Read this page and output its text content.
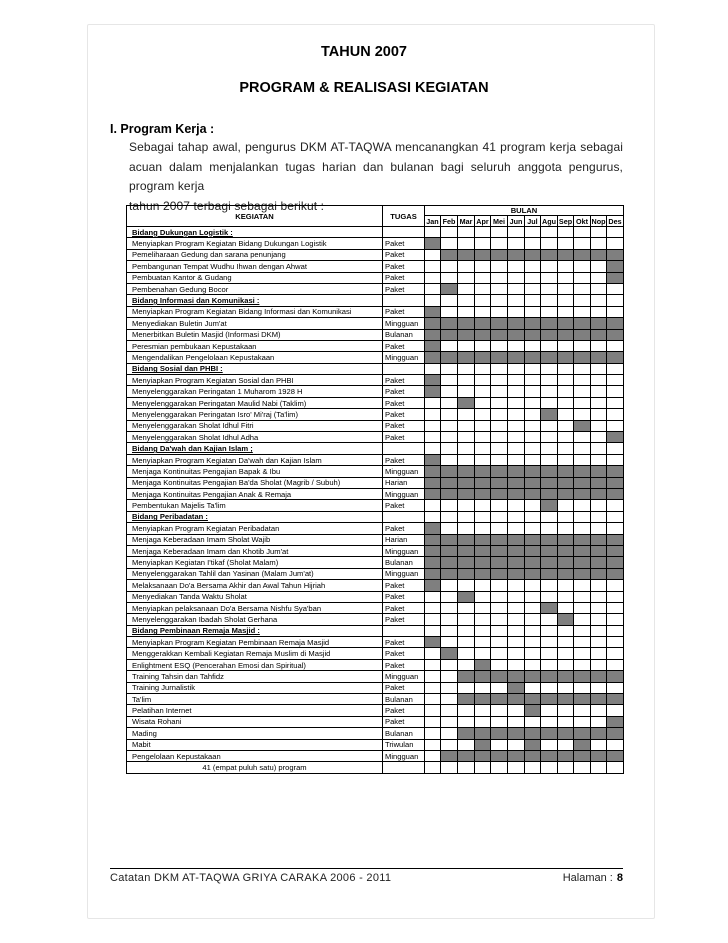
TAHUN 2007
PROGRAM & REALISASI KEGIATAN
I. Program Kerja :
Sebagai tahap awal, pengurus DKM AT-TAQWA mencanangkan 41 program kerja sebagai acuan dalam menjalankan tugas harian dan bulanan bagi seluruh anggota pengurus, program kerja
tahun 2007 terbagi sebagai berikut :
KEGIATAN	TUGAS	BULAN											
		Jan	Feb	Mar	Apr	Mei	Jun	Jul	Agu	Sep	Okt	Nop	Des
Bidang Dukungan Logistik :													
Menyiapkan Program Kegiatan Bidang Dukungan Logistik	Paket												
Pemeliharaan Gedung dan sarana penunjang	Paket												
Pembangunan Tempat Wudhu Ihwan dengan Ahwat	Paket												
Pembuatan Kantor & Gudang	Paket												
Pembenahan Gedung Bocor	Paket												
Bidang Informasi dan Komunikasi :													
Menyiapkan Program Kegiatan Bidang Informasi dan Komunikasi	Paket												
Menyediakan Buletin Jum'at	Mingguan												
Menerbitkan Buletin Masjid (Informasi DKM)	Bulanan												
Peresmian pembukaan Kepustakaan	Paket												
Mengendalikan Pengelolaan Kepustakaan	Mingguan												
Bidang Sosial dan PHBI :													
Menyiapkan Program Kegiatan Sosial dan PHBI	Paket												
Menyelenggarakan Peringatan 1 Muharom 1928 H	Paket												
Menyelenggarakan Peringatan Maulid Nabi (Taklim)	Paket												
Menyelenggarakan Peringatan Isro' Mi'raj (Ta'lim)	Paket												
Menyelenggarakan Sholat Idhul Fitri	Paket												
Menyelenggarakan Sholat Idhul Adha	Paket												
Bidang Da'wah dan Kajian Islam ;													
Menyiapkan Program Kegiatan Da'wah dan Kajian Islam	Paket												
Menjaga Kontinuitas Pengajian Bapak & Ibu	Mingguan												
Menjaga Kontinuitas Pengajian Ba'da Sholat (Magrib / Subuh)	Harian												
Menjaga Kontinuitas Pengajian Anak & Remaja	Mingguan												
Pembentukan Majelis Ta'lim	Paket												
Bidang Peribadatan :													
Menyiapkan Program Kegiatan Peribadatan	Paket												
Menjaga Keberadaan Imam Sholat Wajib	Harian												
Menjaga Keberadaan Imam dan Khotib Jum'at	Mingguan												
Menyiapkan Kegiatan I'tikaf (Sholat Malam)	Bulanan												
Menyelenggarakan Tahlil dan Yasinan (Malam Jum'at)	Mingguan												
Melaksanaan Do'a Bersama Akhir dan Awal Tahun Hijriah	Paket												
Menyediakan Tanda Waktu Sholat	Paket												
Menyiapkan pelaksanaan Do'a Bersama Nishfu Sya'ban	Paket												
Menyelenggarakan Ibadah Sholat Gerhana	Paket												
Bidang Pembinaan Remaja Masjid :													
Menyiapkan Program Kegiatan Pembinaan Remaja Masjid	Paket												
Menggerakkan Kembali Kegiatan Remaja Muslim di Masjid	Paket												
Enlightment ESQ (Pencerahan Emosi dan Spiritual)	Paket												
Training Tahsin dan Tahfidz	Mingguan												
Training Jurnalistik	Paket												
Ta'lim	Bulanan												
Pelatihan Internet	Paket												
Wisata Rohani	Paket												
Mading	Bulanan												
Mabit	Triwulan												
Pengelolaan Kepustakaan	Mingguan												
41 (empat puluh satu) program													
Catatan DKM AT-TAQWA GRIYA CARAKA 2006 - 2011	Halaman : 8
